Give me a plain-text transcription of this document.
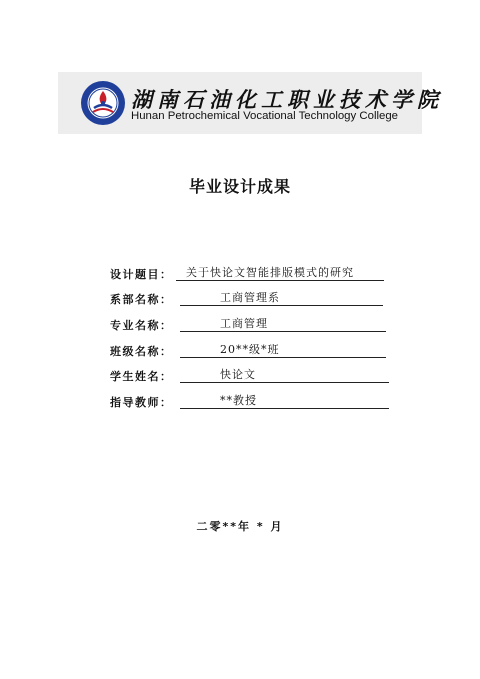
湖南石油化工职业技术学院
Hunan Petrochemical Vocational Technology College
毕业设计成果
设计题目：	关于快论文智能排版模式的研究
系部名称：	工商管理系
专业名称：	工商管理
班级名称：	20**级*班
学生姓名：	快论文
指导教师：	**教授
二零**年 * 月
